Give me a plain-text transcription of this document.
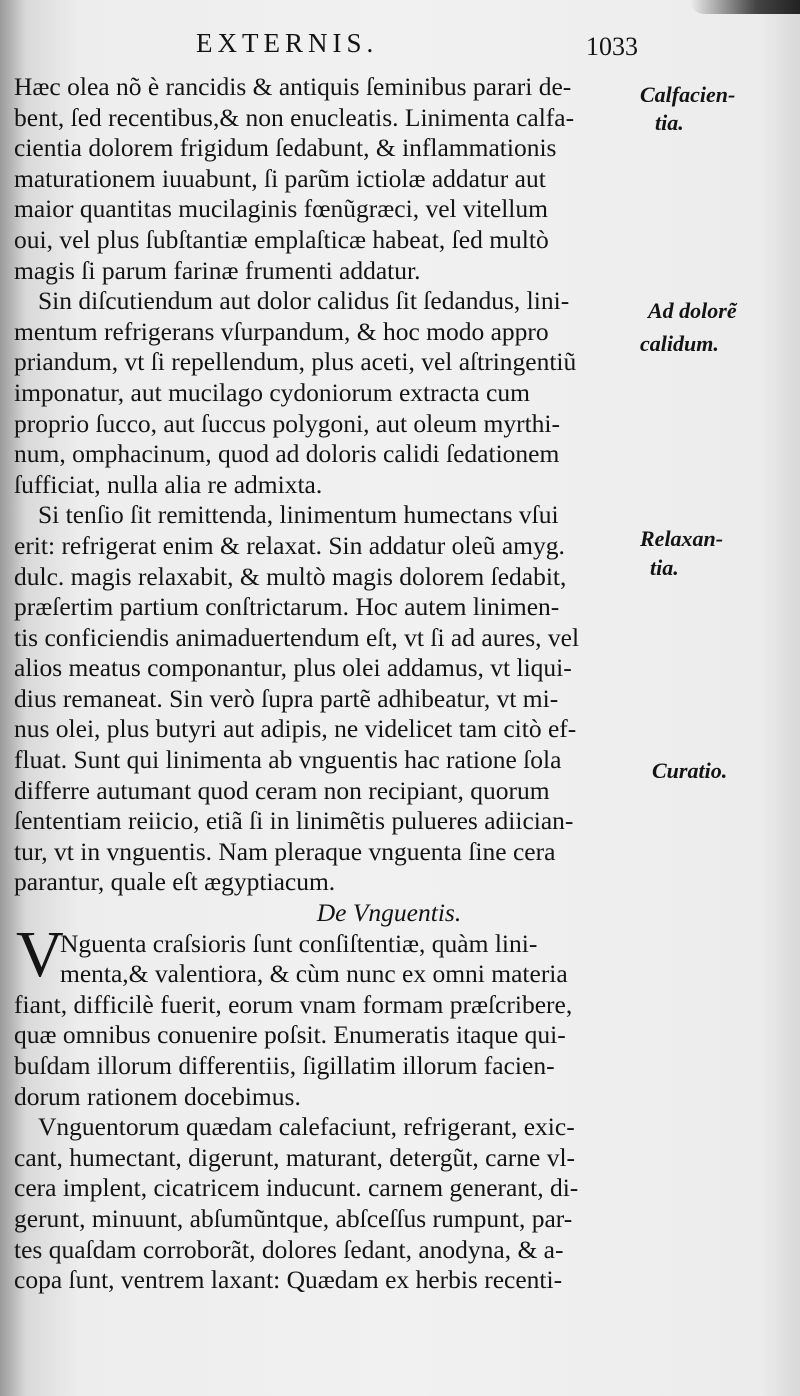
EXTERNIS.	1033
Hæc olea nõ è rancidis & antiquis ſeminibus parari de-
bent, ſed recentibus,& non enucleatis. Linimenta calfa-
cientia dolorem frigidum ſedabunt, & inflammationis
maturationem iuuabunt, ſi parũm ictiolæ addatur aut
maior quantitas mucilaginis fœnũgræci, vel vitellum
oui, vel plus ſubſtantiæ emplaſticæ habeat, ſed multò
magis ſi parum farinæ frumenti addatur.
Sin diſcutiendum aut dolor calidus ſit ſedandus, lini-
mentum refrigerans vſurpandum, & hoc modo appro
priandum, vt ſi repellendum, plus aceti, vel aſtringentiũ
imponatur, aut mucilago cydoniorum extracta cum
proprio ſucco, aut ſuccus polygoni, aut oleum myrthi-
num, omphacinum, quod ad doloris calidi ſedationem
ſufficiat, nulla alia re admixta.
Si tenſio ſit remittenda, linimentum humectans vſui
erit: refrigerat enim & relaxat. Sin addatur oleũ amyg.
dulc. magis relaxabit, & multò magis dolorem ſedabit,
præſertim partium conſtrictarum. Hoc autem linimen-
tis conficiendis animaduertendum eſt, vt ſi ad aures, vel
alios meatus componantur, plus olei addamus, vt liqui-
dius remaneat. Sin verò ſupra partẽ adhibeatur, vt mi-
nus olei, plus butyri aut adipis, ne videlicet tam citò ef-
fluat. Sunt qui linimenta ab vnguentis hac ratione ſola
differre autumant quod ceram non recipiant, quorum
ſententiam reiicio, etiã ſi in linimẽtis pulueres adiician-
tur, vt in vnguentis. Nam pleraque vnguenta ſine cera
parantur, quale eſt ægyptiacum.
De Vnguentis.
V
Nguenta craſsioris ſunt conſiſtentiæ, quàm lini-
menta,& valentiora, & cùm nunc ex omni materia
fiant, difficilè fuerit, eorum vnam formam præſcribere,
quæ omnibus conuenire poſsit. Enumeratis itaque qui-
buſdam illorum differentiis, ſigillatim illorum facien-
dorum rationem docebimus.
Vnguentorum quædam calefaciunt, refrigerant, exic-
cant, humectant, digerunt, maturant, detergũt, carne vl-
cera implent, cicatricem inducunt. carnem generant, di-
gerunt, minuunt, abſumũntque, abſceſſus rumpunt, par-
tes quaſdam corroborãt, dolores ſedant, anodyna, & a-
copa ſunt, ventrem laxant: Quædam ex herbis recenti-
Calfacien-
tia.
Ad dolorẽ
calidum.
Relaxan-
tia.
Curatio.
